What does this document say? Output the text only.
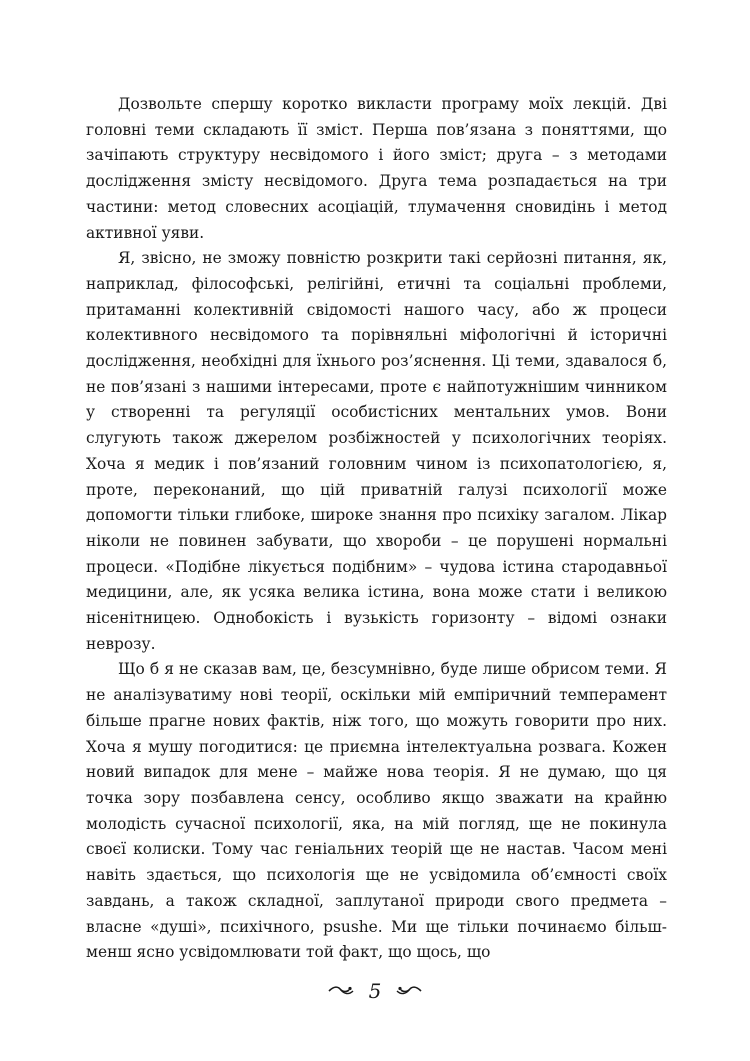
Дозвольте спершу коротко викласти програму моїх лекцій. Дві головні теми складають її зміст. Перша пов’язана з поняттями, що зачіпають структуру несвідомого і його зміст; друга – з методами дослідження змісту несвідомого. Друга тема розпадається на три частини: метод словесних асоціацій, тлумачення сновидінь і метод активної уяви.

Я, звісно, не зможу повністю розкрити такі серйозні питання, як, наприклад, філософські, релігійні, етичні та соціальні проблеми, притаманні колективній свідомості нашого часу, або ж процеси колективного несвідомого та порівняльні міфологічні й історичні дослідження, необхідні для їхнього роз’яснення. Ці теми, здавалося б, не пов’язані з нашими інтересами, проте є найпотужнішим чинником у створенні та регуляції особистісних ментальних умов. Вони слугують також джерелом розбіжностей у психологічних теоріях. Хоча я медик і пов’язаний головним чином із психопатологією, я, проте, переконаний, що цій приватній галузі психології може допомогти тільки глибоке, широке знання про психіку загалом. Лікар ніколи не повинен забувати, що хвороби – це порушені нормальні процеси. «Подібне лікується подібним» – чудова істина стародавньої медицини, але, як усяка велика істина, вона може стати і великою нісенітницею. Однобокість і вузькість горизонту – відомі ознаки неврозу.

Що б я не сказав вам, це, безсумнівно, буде лише обрисом теми. Я не аналізуватиму нові теорії, оскільки мій емпіричний темперамент більше прагне нових фактів, ніж того, що можуть говорити про них. Хоча я мушу погодитися: це приємна інтелектуальна розвага. Кожен новий випадок для мене – майже нова теорія. Я не думаю, що ця точка зору позбавлена сенсу, особливо якщо зважати на крайню молодість сучасної психології, яка, на мій погляд, ще не покинула своєї колиски. Тому час геніальних теорій ще не настав. Часом мені навіть здається, що психологія ще не усвідомила об’ємності своїх завдань, а також складної, заплутаної природи свого предмета – власне «душі», психічного, psushe. Ми ще тільки починаємо більш-менш ясно усвідомлювати той факт, що щось, що

5
